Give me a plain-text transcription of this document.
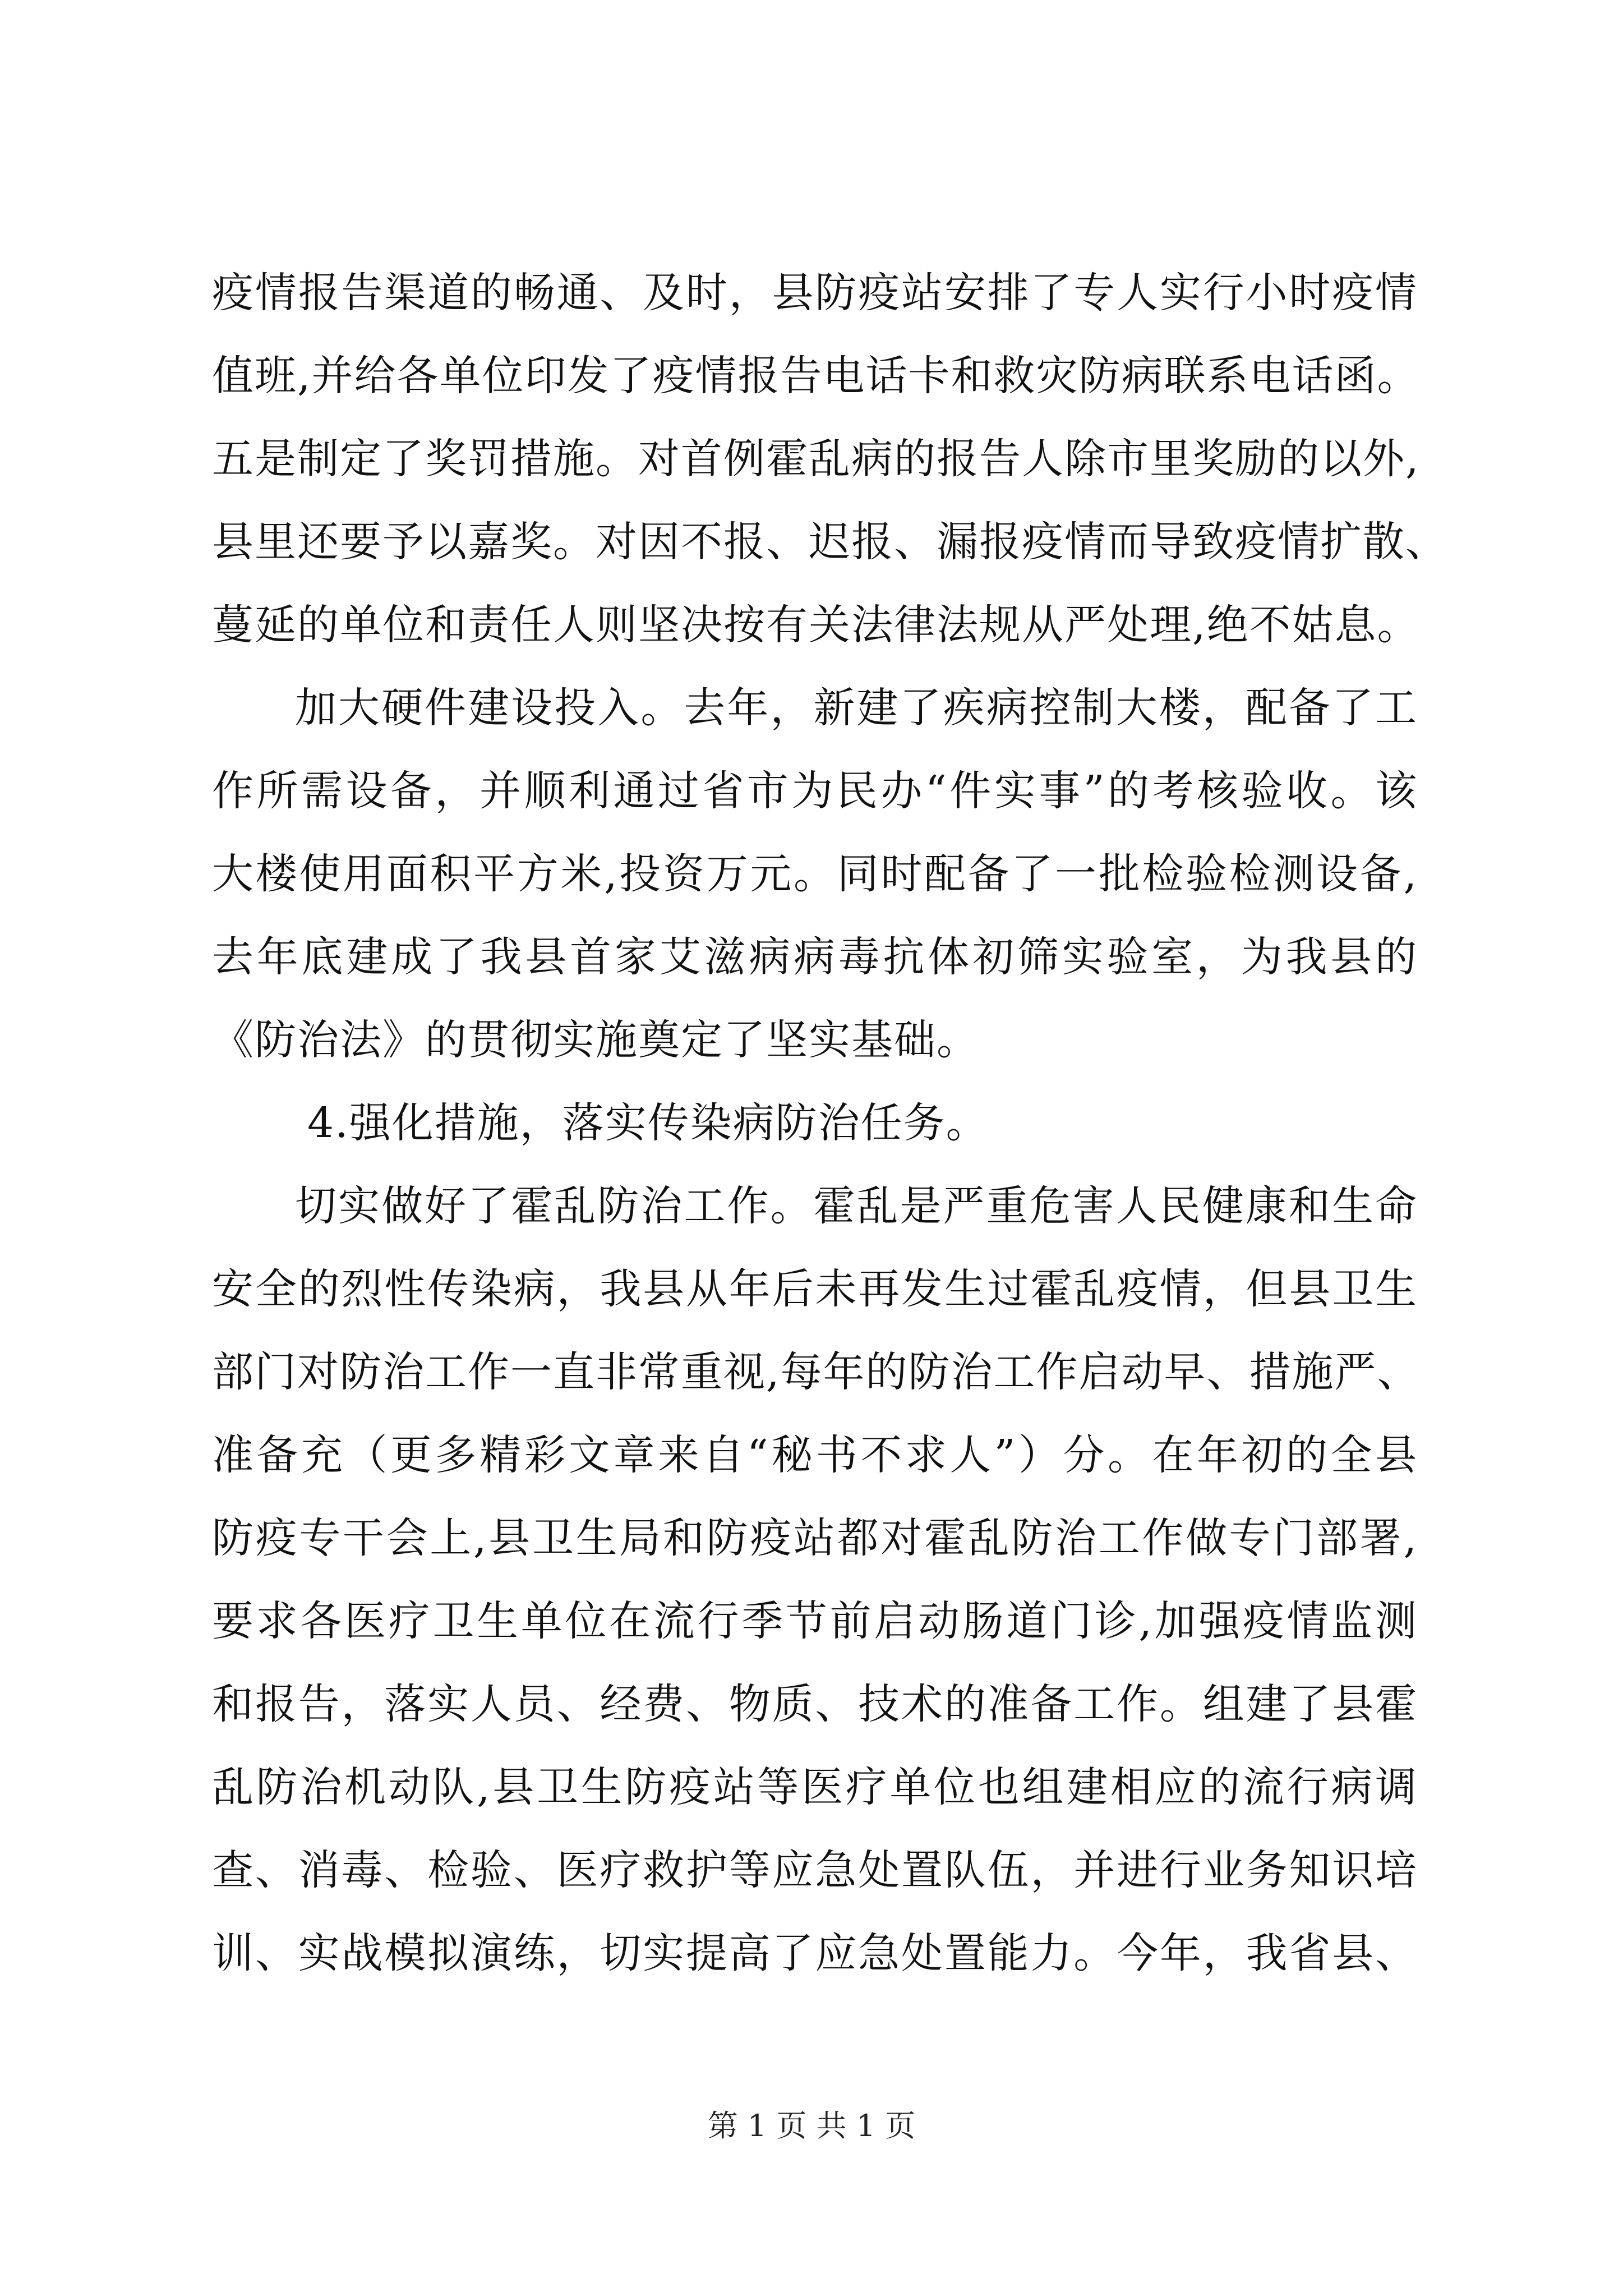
疫情报告渠道的畅通、及时，县防疫站安排了专人实行小时疫情
值班,并给各单位印发了疫情报告电话卡和救灾防病联系电话函。
五是制定了奖罚措施。对首例霍乱病的报告人除市里奖励的以外,
县里还要予以嘉奖。对因不报、迟报、漏报疫情而导致疫情扩散、
蔓延的单位和责任人则坚决按有关法律法规从严处理,绝不姑息。
加大硬件建设投入。去年，新建了疾病控制大楼，配备了工
作所需设备，并顺利通过省市为民办“件实事”的考核验收。该
大楼使用面积平方米,投资万元。同时配备了一批检验检测设备,
去年底建成了我县首家艾滋病病毒抗体初筛实验室，为我县的
《防治法》的贯彻实施奠定了坚实基础。
4.强化措施，落实传染病防治任务。
切实做好了霍乱防治工作。霍乱是严重危害人民健康和生命
安全的烈性传染病，我县从年后未再发生过霍乱疫情，但县卫生
部门对防治工作一直非常重视,每年的防治工作启动早、措施严、
准备充（更多精彩文章来自“秘书不求人”）分。在年初的全县
防疫专干会上,县卫生局和防疫站都对霍乱防治工作做专门部署,
要求各医疗卫生单位在流行季节前启动肠道门诊,加强疫情监测
和报告，落实人员、经费、物质、技术的准备工作。组建了县霍
乱防治机动队,县卫生防疫站等医疗单位也组建相应的流行病调
查、消毒、检验、医疗救护等应急处置队伍，并进行业务知识培
训、实战模拟演练，切实提高了应急处置能力。今年，我省县、
第 1 页 共 1 页
